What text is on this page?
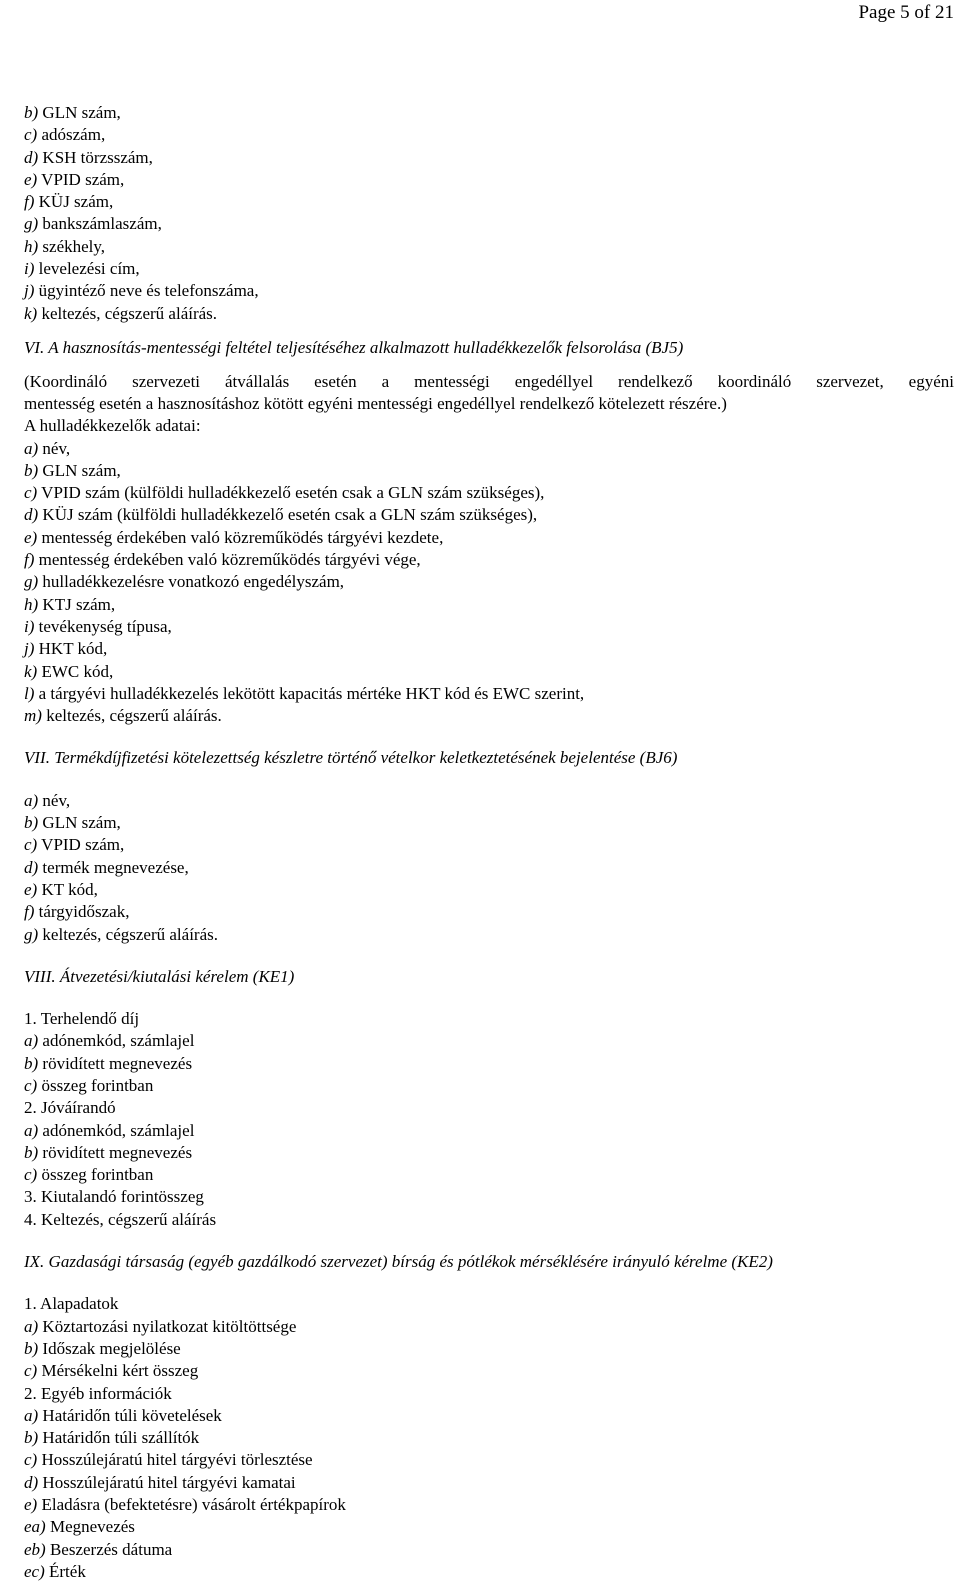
Page 5 of 21
b) GLN szám,
c) adószám,
d) KSH törzsszám,
e) VPID szám,
f) KÜJ szám,
g) bankszámlaszám,
h) székhely,
i) levelezési cím,
j) ügyintéző neve és telefonszáma,
k) keltezés, cégszerű aláírás.
VI. A hasznosítás-mentességi feltétel teljesítéséhez alkalmazott hulladékkezelők felsorolása (BJ5)
(Koordináló szervezeti átvállalás esetén a mentességi engedéllyel rendelkező koordináló szervezet, egyéni
mentesség esetén a hasznosításhoz kötött egyéni mentességi engedéllyel rendelkező kötelezett részére.)
A hulladékkezelők adatai:
a) név,
b) GLN szám,
c) VPID szám (külföldi hulladékkezelő esetén csak a GLN szám szükséges),
d) KÜJ szám (külföldi hulladékkezelő esetén csak a GLN szám szükséges),
e) mentesség érdekében való közreműködés tárgyévi kezdete,
f) mentesség érdekében való közreműködés tárgyévi vége,
g) hulladékkezelésre vonatkozó engedélyszám,
h) KTJ szám,
i) tevékenység típusa,
j) HKT kód,
k) EWC kód,
l) a tárgyévi hulladékkezelés lekötött kapacitás mértéke HKT kód és EWC szerint,
m) keltezés, cégszerű aláírás.
VII. Termékdíjfizetési kötelezettség készletre történő vételkor keletkeztetésének bejelentése (BJ6)
a) név,
b) GLN szám,
c) VPID szám,
d) termék megnevezése,
e) KT kód,
f) tárgyidőszak,
g) keltezés, cégszerű aláírás.
VIII. Átvezetési/kiutalási kérelem (KE1)
1. Terhelendő díj
a) adónemkód, számlajel
b) rövidített megnevezés
c) összeg forintban
2. Jóváírandó
a) adónemkód, számlajel
b) rövidített megnevezés
c) összeg forintban
3. Kiutalandó forintösszeg
4. Keltezés, cégszerű aláírás
IX. Gazdasági társaság (egyéb gazdálkodó szervezet) bírság és pótlékok mérséklésére irányuló kérelme (KE2)
1. Alapadatok
a) Köztartozási nyilatkozat kitöltöttsége
b) Időszak megjelölése
c) Mérsékelni kért összeg
2. Egyéb információk
a) Határidőn túli követelések
b) Határidőn túli szállítók
c) Hosszúlejáratú hitel tárgyévi törlesztése
d) Hosszúlejáratú hitel tárgyévi kamatai
e) Eladásra (befektetésre) vásárolt értékpapírok
ea) Megnevezés
eb) Beszerzés dátuma
ec) Érték
